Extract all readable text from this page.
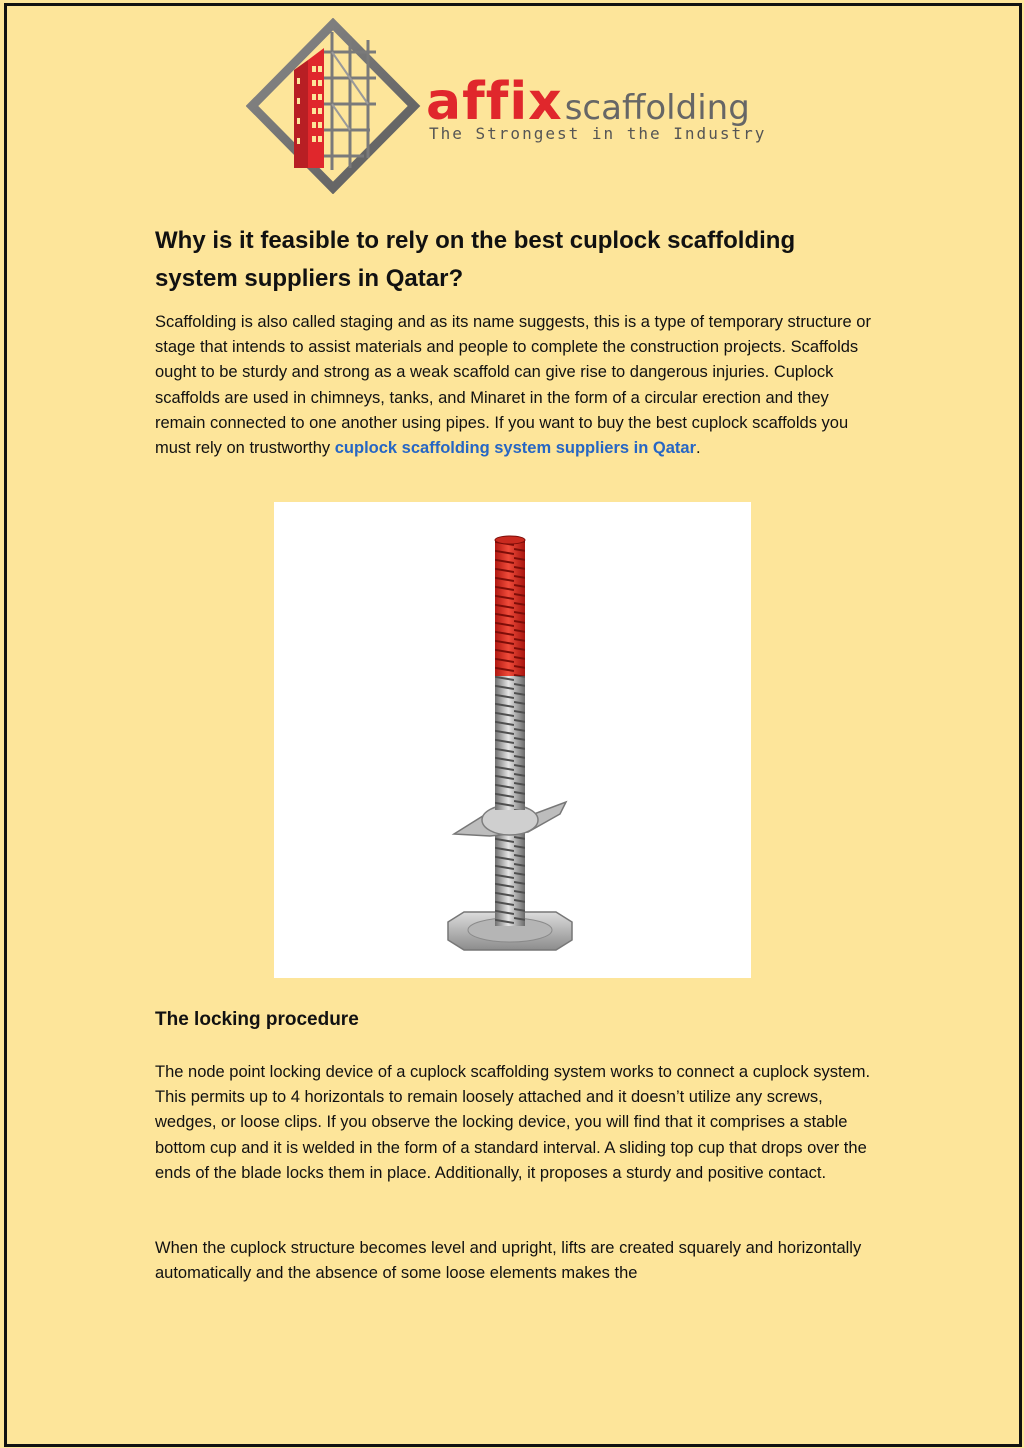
affixscaffolding
The Strongest in the Industry
Why is it feasible to rely on the best cuplock scaffolding system suppliers in Qatar?

Scaffolding is also called staging and as its name suggests, this is a type of temporary structure or stage that intends to assist materials and people to complete the construction projects. Scaffolds ought to be sturdy and strong as a weak scaffold can give rise to dangerous injuries. Cuplock scaffolds are used in chimneys, tanks, and Minaret in the form of a circular erection and they remain connected to one another using pipes. If you want to buy the best cuplock scaffolds you must rely on trustworthy cuplock scaffolding system suppliers in Qatar.

The locking procedure

The node point locking device of a cuplock scaffolding system works to connect a cuplock system. This permits up to 4 horizontals to remain loosely attached and it doesn’t utilize any screws, wedges, or loose clips. If you observe the locking device, you will find that it comprises a stable bottom cup and it is welded in the form of a standard interval. A sliding top cup that drops over the ends of the blade locks them in place. Additionally, it proposes a sturdy and positive contact.

When the cuplock structure becomes level and upright, lifts are created squarely and horizontally automatically and the absence of some loose elements makes the
